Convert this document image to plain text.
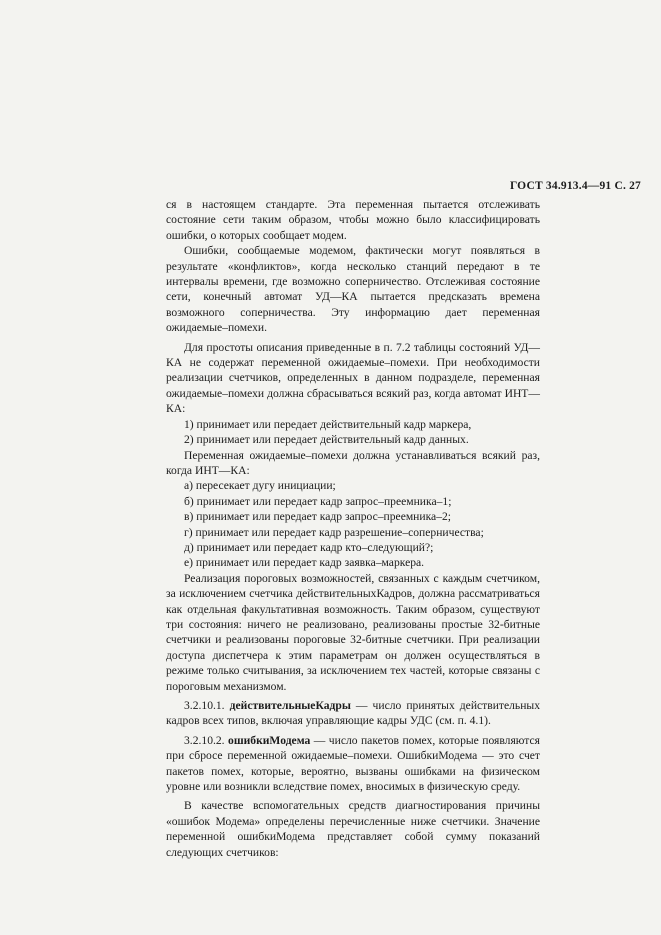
ГОСТ 34.913.4—91 С. 27

ся в настоящем стандарте. Эта переменная пытается отслеживать состояние сети таким образом, чтобы можно было классифицировать ошибки, о которых сообщает модем.

Ошибки, сообщаемые модемом, фактически могут появляться в результате «конфликтов», когда несколько станций передают в те интервалы времени, где возможно соперничество. Отслеживая состояние сети, конечный автомат УД—КА пытается предсказать времена возможного соперничества. Эту информацию дает переменная ожидаемые–помехи.

Для простоты описания приведенные в п. 7.2 таблицы состояний УД—КА не содержат переменной ожидаемые–помехи. При необходимости реализации счетчиков, определенных в данном подразделе, переменная ожидаемые–помехи должна сбрасываться всякий раз, когда автомат ИНТ—КА:

1) принимает или передает действительный кадр маркера,

2) принимает или передает действительный кадр данных.

Переменная ожидаемые–помехи должна устанавливаться всякий раз, когда ИНТ—КА:

а) пересекает дугу инициации;

б) принимает или передает кадр запрос–преемника–1;

в) принимает или передает кадр запрос–преемника–2;

г) принимает или передает кадр разрешение–соперничества;

д) принимает или передает кадр кто–следующий?;

е) принимает или передает кадр заявка–маркера.

Реализация пороговых возможностей, связанных с каждым счетчиком, за исключением счетчика действительныхКадров, должна рассматриваться как отдельная факультативная возможность. Таким образом, существуют три состояния: ничего не реализовано, реализованы простые 32-битные счетчики и реализованы пороговые 32-битные счетчики. При реализации доступа диспетчера к этим параметрам он должен осуществляться в режиме только считывания, за исключением тех частей, которые связаны с пороговым механизмом.

3.2.10.1. действительныеКадры — число принятых действительных кадров всех типов, включая управляющие кадры УДС (см. п. 4.1).

3.2.10.2. ошибкиМодема — число пакетов помех, которые появляются при сбросе переменной ожидаемые–помехи. ОшибкиМодема — это счет пакетов помех, которые, вероятно, вызваны ошибками на физическом уровне или возникли вследствие помех, вносимых в физическую среду.

В качестве вспомогательных средств диагностирования причины «ошибок Модема» определены перечисленные ниже счетчики. Значение переменной ошибкиМодема представляет собой сумму показаний следующих счетчиков:
